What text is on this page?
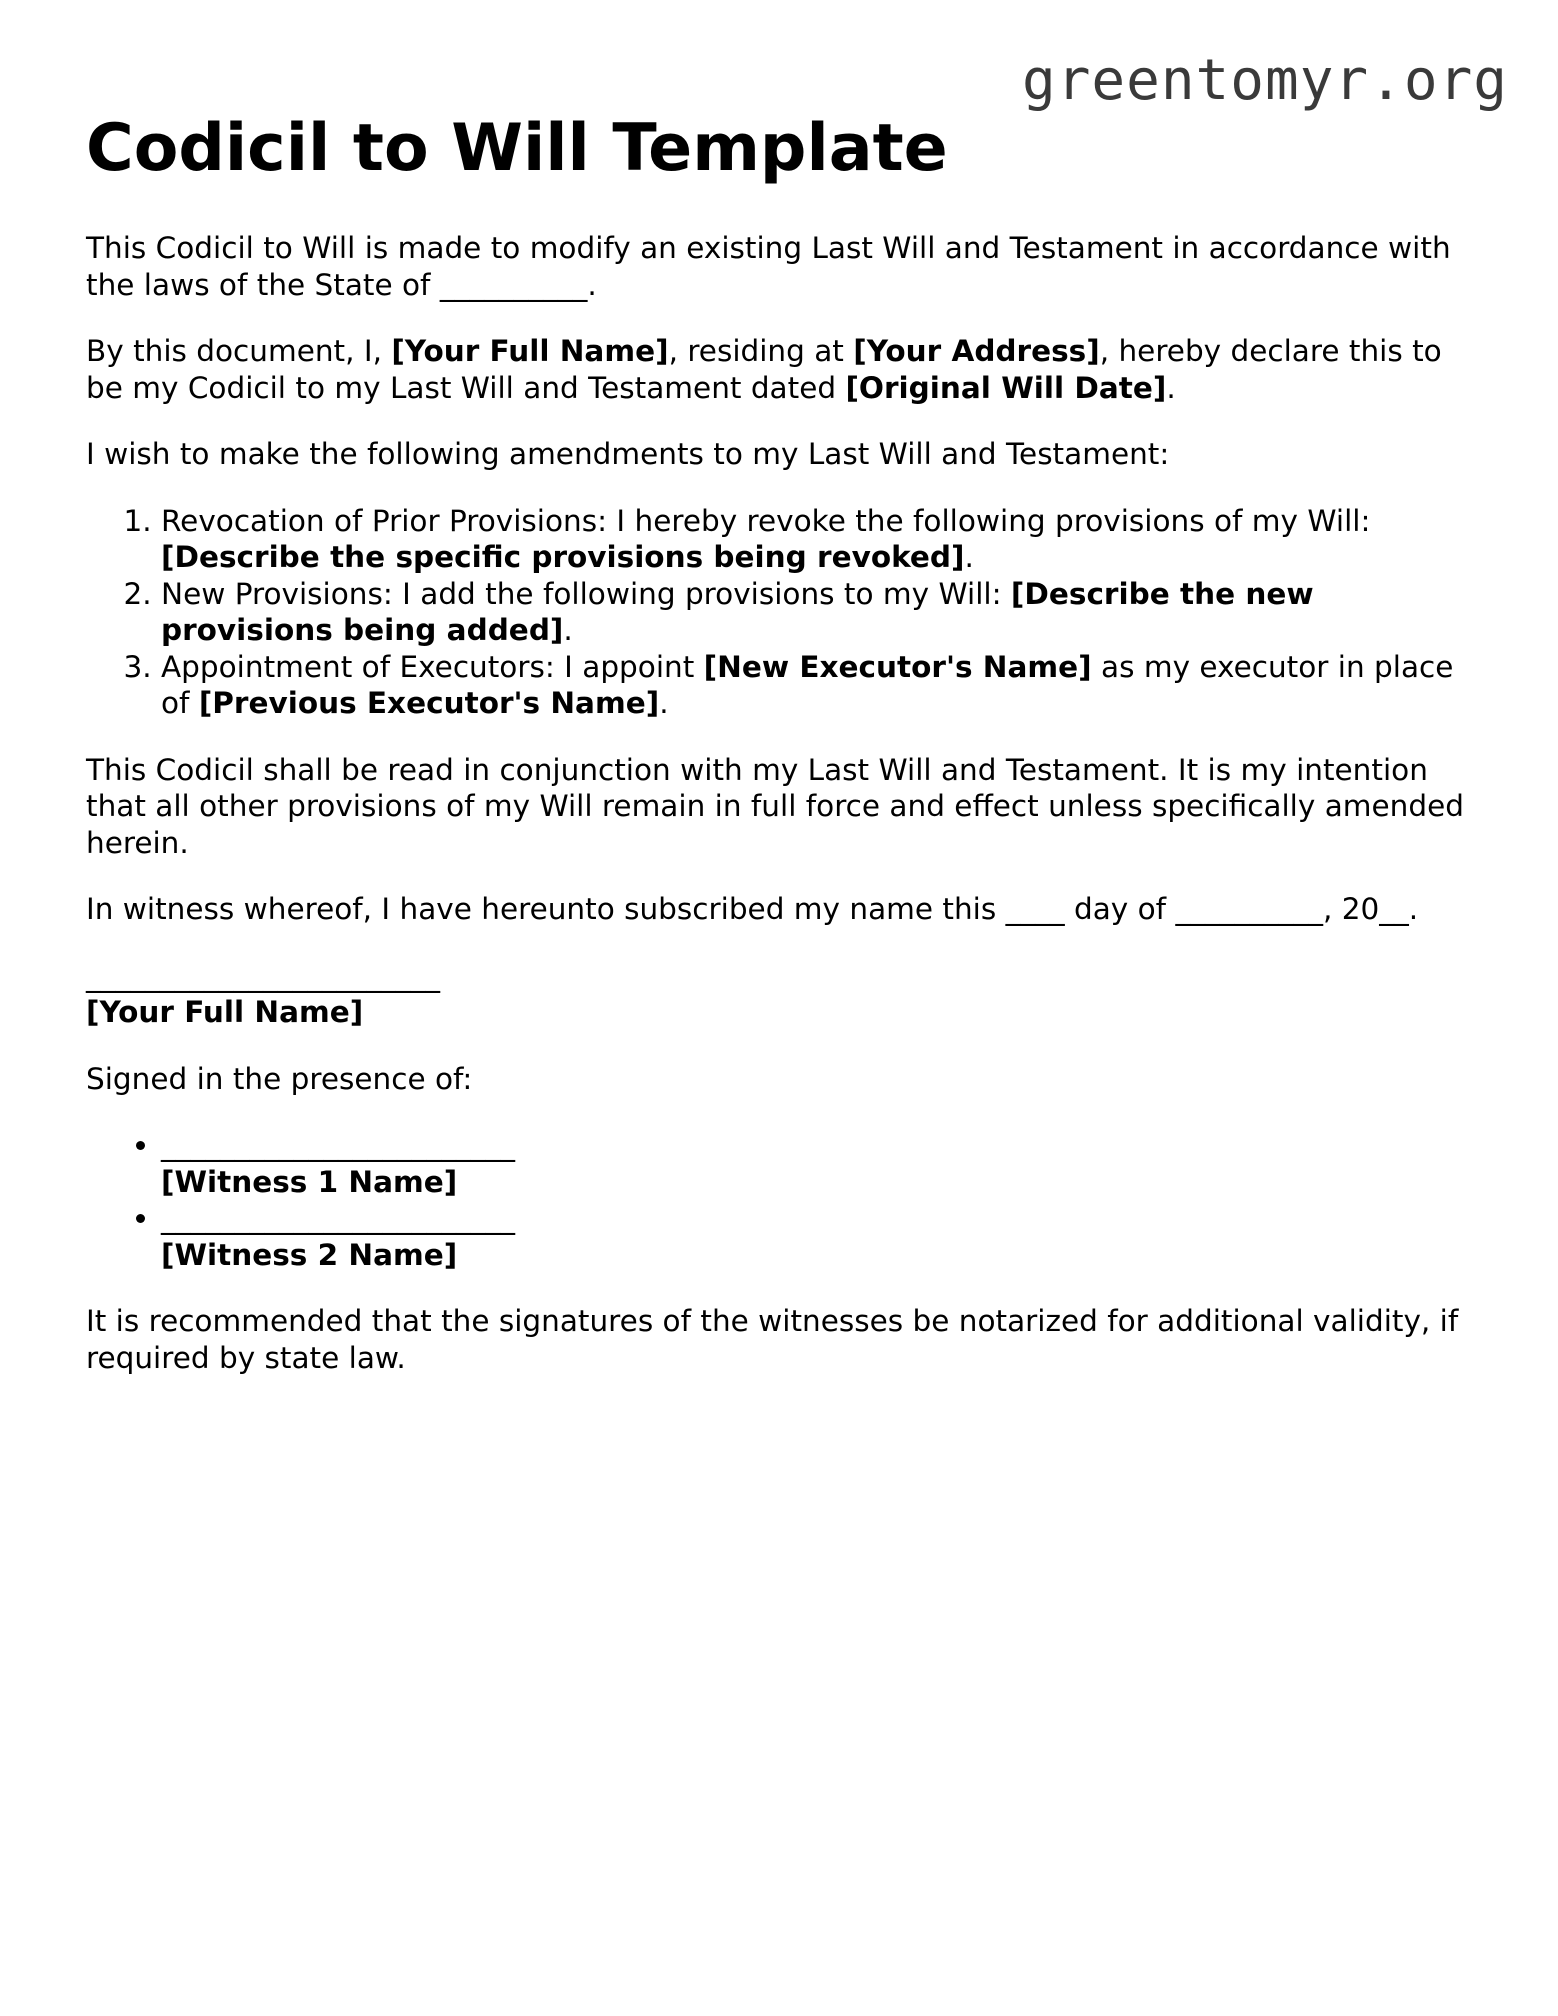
greentomyr.org
Codicil to Will Template

This Codicil to Will is made to modify an existing Last Will and Testament in accordance with the laws of the State of __________.

By this document, I, [Your Full Name], residing at [Your Address], hereby declare this to be my Codicil to my Last Will and Testament dated [Original Will Date].

I wish to make the following amendments to my Last Will and Testament:

1. Revocation of Prior Provisions: I hereby revoke the following provisions of my Will: [Describe the specific provisions being revoked].
2. New Provisions: I add the following provisions to my Will: [Describe the new provisions being added].
3. Appointment of Executors: I appoint [New Executor's Name] as my executor in place of [Previous Executor's Name].

This Codicil shall be read in conjunction with my Last Will and Testament. It is my intention that all other provisions of my Will remain in full force and effect unless specifically amended herein.

In witness whereof, I have hereunto subscribed my name this ____ day of __________, 20__.

________________________
[Your Full Name]

Signed in the presence of:

• ________________________
[Witness 1 Name]
• ________________________
[Witness 2 Name]

It is recommended that the signatures of the witnesses be notarized for additional validity, if required by state law.
